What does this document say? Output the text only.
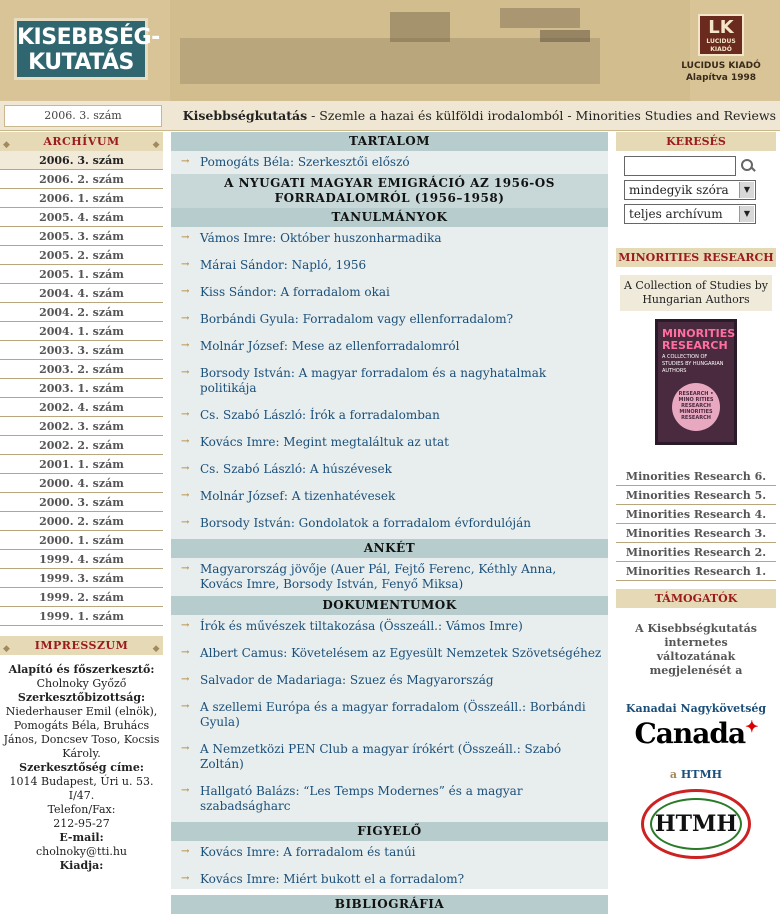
KISEBBSÉG-
KUTATÁS
LK
LUCIDUS KIADÓ
LUCIDUS KIADÓ
Alapítva 1998
2006. 3. szám	Kisebbségkutatás - Szemle a hazai és külföldi irodalomból - Minorities Studies and Reviews
◆	ARCHÍVUM	◆
2006. 3. szám
2006. 2. szám
2006. 1. szám
2005. 4. szám
2005. 3. szám
2005. 2. szám
2005. 1. szám
2004. 4. szám
2004. 2. szám
2004. 1. szám
2003. 3. szám
2003. 2. szám
2003. 1. szám
2002. 4. szám
2002. 3. szám
2002. 2. szám
2001. 1. szám
2000. 4. szám
2000. 3. szám
2000. 2. szám
2000. 1. szám
1999. 4. szám
1999. 3. szám
1999. 2. szám
1999. 1. szám
◆ IMPRESSZUM	◆
Alapító és főszerkesztő:
Cholnoky Győző
Szerkesztőbizottság:
Niederhauser Emil (elnök), Pomogáts Béla, Bruhács János, Doncsev Toso, Kocsis Károly.
Szerkesztőség címe:
1014 Budapest, Úri u. 53. I/47.
Telefon/Fax:
212-95-27
E-mail:
cholnoky@tti.hu
Kiadja:
TARTALOM
→ Pomogáts Béla: Szerkesztői előszó
A NYUGATI MAGYAR EMIGRÁCIÓ AZ 1956-OS FORRADALOMRÓL (1956–1958)
TANULMÁNYOK
→ Vámos Imre: Október huszonharmadika
→ Márai Sándor: Napló, 1956
→ Kiss Sándor: A forradalom okai
→ Borbándi Gyula: Forradalom vagy ellenforradalom?
→ Molnár József: Mese az ellenforradalomról
→ Borsody István: A magyar forradalom és a nagyhatalmak politikája
→ Cs. Szabó László: Írók a forradalomban
→ Kovács Imre: Megint megtaláltuk az utat
→ Cs. Szabó László: A húszévesek
→ Molnár József: A tizenhatévesek
→ Borsody István: Gondolatok a forradalom évfordulóján
ANKÉT
→ Magyarország jövője (Auer Pál, Fejtő Ferenc, Kéthly Anna, Kovács Imre, Borsody István, Fenyő Miksa)
DOKUMENTUMOK
→ Írók és művészek tiltakozása (Összeáll.: Vámos Imre)
→ Albert Camus: Követelésem az Egyesült Nemzetek Szövetségéhez
→ Salvador de Madariaga: Szuez és Magyarország
→ A szellemi Európa és a magyar forradalom (Összeáll.: Borbándi Gyula)
→ A Nemzetközi PEN Club a magyar írókért (Összeáll.: Szabó Zoltán)
→ Hallgató Balázs: “Les Temps Modernes” és a magyar szabadságharc
FIGYELŐ
→ Kovács Imre: A forradalom és tanúi
→ Kovács Imre: Miért bukott el a forradalom?
BIBLIOGRÁFIA
KERESÉS
mindegyik szóra	▼
teljes archívum	▼
MINORITIES RESEARCH
A Collection of Studies by Hungarian Authors
MINORITIES RESEARCH
A COLLECTION OF STUDIES BY HUNGARIAN AUTHORS
RESEARCH • MINO RITIES RESEARCH MINORITIES RESEARCH
Minorities Research 6.
Minorities Research 5.
Minorities Research 4.
Minorities Research 3.
Minorities Research 2.
Minorities Research 1.
TÁMOGATÓK
A Kisebbségkutatás internetes változatának megjelenését a
Kanadai Nagykövetség
Canada✦
a HTMH
HTMH
